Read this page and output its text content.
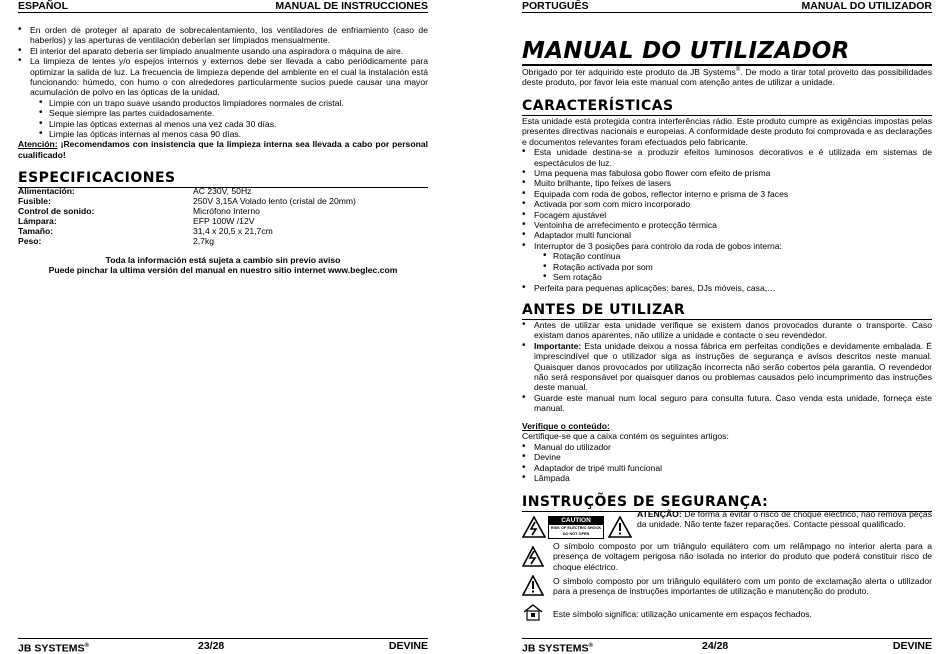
ESPAÑOL	MANUAL DE INSTRUCCIONES
• En orden de proteger al aparato de sobrecalentamiento, los ventiladores de enfriamiento (caso de haberlos) y las aperturas de ventilación deberían ser limpiados mensualmente.
• El interior del aparato debería ser limpiado anualmente usando una aspiradora o máquina de aire.
• La limpieza de lentes y/o espejos internos y externos debe ser llevada a cabo periódicamente para optimizar la salida de luz. La frecuencia de limpieza depende del ambiente en el cual la instalación está funcionando: húmedo, con humo o con alrededores particularmente sucios puede causar una mayor acumulación de polvo en las ópticas de la unidad.
• Limpie con un trapo suave usando productos limpiadores normales de cristal.
• Seque siempre las partes cuidadosamente.
• Limpie las ópticas externas al menos una vez cada 30 días.
• Limpie las ópticas internas al menos casa 90 días.
Atención: ¡Recomendamos con insistencia que la limpieza interna sea llevada a cabo por personal cualificado!
ESPECIFICACIONES
Alimentación:	AC 230V, 50Hz
Fusible:	250V 3,15A Volado lento (cristal de 20mm)
Control de sonido:	Micrófono Interno
Lámpara:	EFP 100W /12V
Tamaño:	31,4 x 20,5 x 21,7cm
Peso:	2,7kg
Toda la información está sujeta a cambio sin previo aviso
Puede pinchar la ultima versión del manual en nuestro sitio internet www.beglec.com
JB SYSTEMS®	23/28	DEVINE
PORTUGUÊS	MANUAL DO UTILIZADOR
MANUAL DO UTILIZADOR
Obrigado por ter adquirido este produto da JB Systems®. De modo a tirar total proveito das possibilidades deste produto, por favor leia este manual com atenção antes de utilizar a unidade.
CARACTERÍSTICAS
Esta unidade está protegida contra interferências rádio. Este produto cumpre as exigências impostas pelas presentes directivas nacionais e europeias. A conformidade deste produto foi comprovada e as declarações e documentos relevantes foram efectuados pelo fabricante.
• Esta unidade destina-se a produzir efeitos luminosos decorativos e é utilizada em sistemas de espectáculos de luz.
• Uma pequena mas fabulosa gobo flower com efeito de prisma
• Muito brilhante, tipo feixes de lasers
• Equipada com roda de gobos, reflector interno e prisma de 3 faces
• Activada por som com micro incorporado
• Focagem ajustável
• Ventoinha de arrefecimento e protecção térmica
• Adaptador multi funcional
• Interruptor de 3 posições para controlo da roda de gobos interna:
• Rotação contínua
• Rotação activada por som
• Sem rotação
• Perfeita para pequenas aplicações: bares, DJs móveis, casa,…
ANTES DE UTILIZAR
• Antes de utilizar esta unidade verifique se existem danos provocados durante o transporte. Caso existam danos aparentes, não utilize a unidade e contacte o seu revendedor.
• Importante: Esta unidade deixou a nossa fábrica em perfeitas condições e devidamente embalada. É imprescindível que o utilizador siga as instruções de segurança e avisos descritos neste manual. Quaisquer danos provocados por utilização incorrecta não serão cobertos pela garantia. O revendedor não será responsável por quaisquer danos ou problemas causados pelo incumprimento das instruções deste manual.
• Guarde este manual num local seguro para consulta futura. Caso venda esta unidade, forneça este manual.
Verifique o conteúdo:
Certifique-se que a caixa contém os seguintes artigos:
• Manual do utilizador
• Devine
• Adaptador de tripé multi funcional
• Lâmpada
INSTRUÇÕES DE SEGURANÇA:
CAUTION
RISK OF ELECTRIC SHOCK
DO NOT OPEN
ATENÇÃO: De forma a evitar o risco de choque eléctrico, não remova peças da unidade. Não tente fazer reparações. Contacte pessoal qualificado.
O símbolo composto por um triângulo equilátero com um relâmpago no interior alerta para a presença de voltagem perigosa não isolada no interior do produto que poderá constituir risco de choque eléctrico.
O símbolo composto por um triângulo equilátero com um ponto de exclamação alerta o utilizador para a presença de instruções importantes de utilização e manutenção do produto.
Este símbolo significa: utilização unicamente em espaços fechados.
JB SYSTEMS®	24/28	DEVINE
